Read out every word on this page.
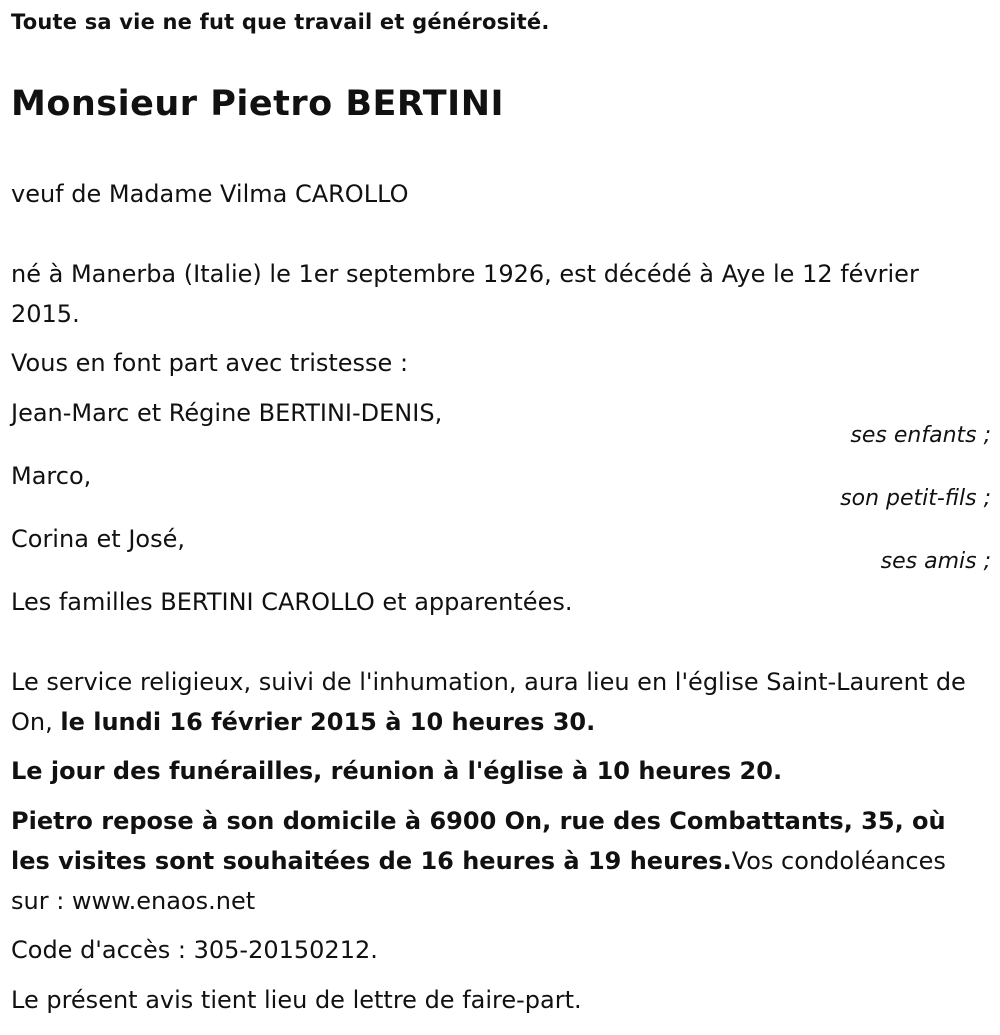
Toute sa vie ne fut que travail et générosité.
Monsieur Pietro BERTINI
veuf de Madame Vilma CAROLLO
né à Manerba (Italie) le 1er septembre 1926, est décédé à Aye le 12 février 2015.
Vous en font part avec tristesse :
Jean-Marc et Régine BERTINI-DENIS,
ses enfants ;
Marco,
son petit-fils ;
Corina et José,
ses amis ;
Les familles BERTINI CAROLLO et apparentées.
Le service religieux, suivi de l'inhumation, aura lieu en l'église Saint-Laurent de On, le lundi 16 février 2015 à 10 heures 30.
Le jour des funérailles, réunion à l'église à 10 heures 20.
Pietro repose à son domicile à 6900 On, rue des Combattants, 35, où les visites sont souhaitées de 16 heures à 19 heures.Vos condoléances sur : www.enaos.net
Code d'accès : 305-20150212.
Le présent avis tient lieu de lettre de faire-part.
